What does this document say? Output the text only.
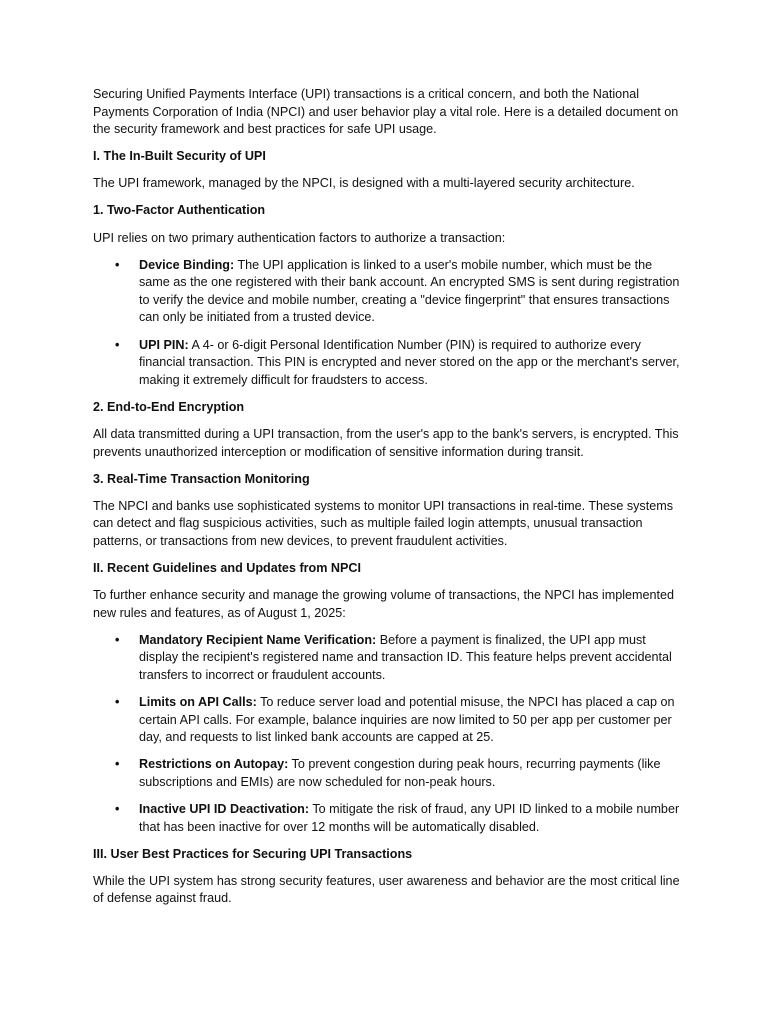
Securing Unified Payments Interface (UPI) transactions is a critical concern, and both the National Payments Corporation of India (NPCI) and user behavior play a vital role. Here is a detailed document on the security framework and best practices for safe UPI usage.

I. The In-Built Security of UPI

The UPI framework, managed by the NPCI, is designed with a multi-layered security architecture.

1. Two-Factor Authentication

UPI relies on two primary authentication factors to authorize a transaction:

• Device Binding: The UPI application is linked to a user's mobile number, which must be the same as the one registered with their bank account. An encrypted SMS is sent during registration to verify the device and mobile number, creating a "device fingerprint" that ensures transactions can only be initiated from a trusted device.
• UPI PIN: A 4- or 6-digit Personal Identification Number (PIN) is required to authorize every financial transaction. This PIN is encrypted and never stored on the app or the merchant's server, making it extremely difficult for fraudsters to access.

2. End-to-End Encryption

All data transmitted during a UPI transaction, from the user's app to the bank's servers, is encrypted. This prevents unauthorized interception or modification of sensitive information during transit.

3. Real-Time Transaction Monitoring

The NPCI and banks use sophisticated systems to monitor UPI transactions in real-time. These systems can detect and flag suspicious activities, such as multiple failed login attempts, unusual transaction patterns, or transactions from new devices, to prevent fraudulent activities.

II. Recent Guidelines and Updates from NPCI

To further enhance security and manage the growing volume of transactions, the NPCI has implemented new rules and features, as of August 1, 2025:

• Mandatory Recipient Name Verification: Before a payment is finalized, the UPI app must display the recipient's registered name and transaction ID. This feature helps prevent accidental transfers to incorrect or fraudulent accounts.
• Limits on API Calls: To reduce server load and potential misuse, the NPCI has placed a cap on certain API calls. For example, balance inquiries are now limited to 50 per app per customer per day, and requests to list linked bank accounts are capped at 25.
• Restrictions on Autopay: To prevent congestion during peak hours, recurring payments (like subscriptions and EMIs) are now scheduled for non-peak hours.
• Inactive UPI ID Deactivation: To mitigate the risk of fraud, any UPI ID linked to a mobile number that has been inactive for over 12 months will be automatically disabled.

III. User Best Practices for Securing UPI Transactions

While the UPI system has strong security features, user awareness and behavior are the most critical line of defense against fraud.
